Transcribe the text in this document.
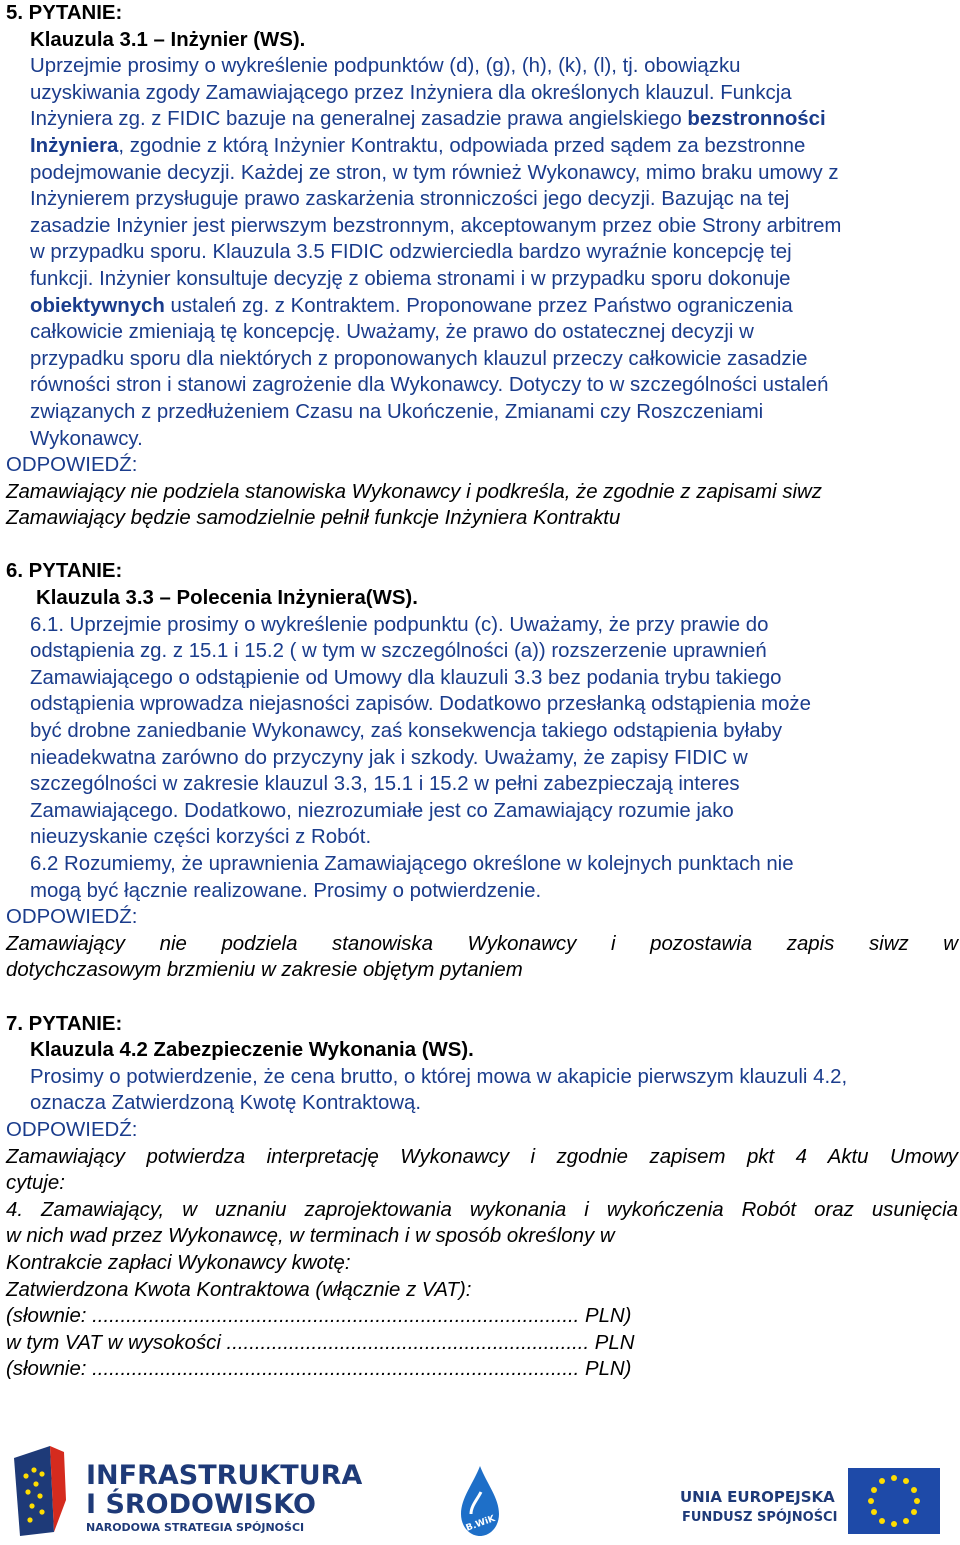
5. PYTANIE:
Klauzula 3.1 – Inżynier (WS).
Uprzejmie prosimy o wykreślenie podpunktów (d), (g), (h), (k), (l), tj. obowiązku
uzyskiwania zgody Zamawiającego przez Inżyniera dla określonych klauzul. Funkcja
Inżyniera zg. z FIDIC bazuje na generalnej zasadzie prawa angielskiego bezstronności
Inżyniera, zgodnie z którą Inżynier Kontraktu, odpowiada przed sądem za bezstronne
podejmowanie decyzji. Każdej ze stron, w tym również Wykonawcy, mimo braku umowy z
Inżynierem przysługuje prawo zaskarżenia stronniczości jego decyzji. Bazując na tej
zasadzie Inżynier jest pierwszym bezstronnym, akceptowanym przez obie Strony arbitrem
w przypadku sporu. Klauzula 3.5 FIDIC odzwierciedla bardzo wyraźnie koncepcję tej
funkcji. Inżynier konsultuje decyzję z obiema stronami i w przypadku sporu dokonuje
obiektywnych ustaleń zg. z Kontraktem. Proponowane przez Państwo ograniczenia
całkowicie zmieniają tę koncepcję. Uważamy, że prawo do ostatecznej decyzji w
przypadku sporu dla niektórych z proponowanych klauzul przeczy całkowicie zasadzie
równości stron i stanowi zagrożenie dla Wykonawcy. Dotyczy to w szczególności ustaleń
związanych z przedłużeniem Czasu na Ukończenie, Zmianami czy Roszczeniami
Wykonawcy.
ODPOWIEDŹ:
Zamawiający nie podziela stanowiska Wykonawcy i podkreśla, że zgodnie z zapisami siwz
Zamawiający będzie samodzielnie pełnił funkcje Inżyniera Kontraktu
6. PYTANIE:
Klauzula 3.3 – Polecenia Inżyniera(WS).
6.1. Uprzejmie prosimy o wykreślenie podpunktu (c). Uważamy, że przy prawie do
odstąpienia zg. z 15.1 i 15.2 ( w tym w szczególności (a)) rozszerzenie uprawnień
Zamawiającego o odstąpienie od Umowy dla klauzuli 3.3 bez podania trybu takiego
odstąpienia wprowadza niejasności zapisów. Dodatkowo przesłanką odstąpienia może
być drobne zaniedbanie Wykonawcy, zaś konsekwencja takiego odstąpienia byłaby
nieadekwatna zarówno do przyczyny jak i szkody. Uważamy, że zapisy FIDIC w
szczególności w zakresie klauzul 3.3, 15.1 i 15.2 w pełni zabezpieczają interes
Zamawiającego. Dodatkowo, niezrozumiałe jest co Zamawiający rozumie jako
nieuzyskanie części korzyści z Robót.
6.2 Rozumiemy, że uprawnienia Zamawiającego określone w kolejnych punktach nie
mogą być łącznie realizowane. Prosimy o potwierdzenie.
ODPOWIEDŹ:
Zamawiający nie podziela stanowiska Wykonawcy i pozostawia zapis siwz w
dotychczasowym brzmieniu w zakresie objętym pytaniem
7. PYTANIE:
Klauzula 4.2 Zabezpieczenie Wykonania (WS).
Prosimy o potwierdzenie, że cena brutto, o której mowa w akapicie pierwszym klauzuli 4.2,
oznacza Zatwierdzoną Kwotę Kontraktową.
ODPOWIEDŹ:
Zamawiający potwierdza interpretację Wykonawcy i zgodnie zapisem pkt 4 Aktu Umowy
cytuje:
4. Zamawiający, w uznaniu zaprojektowania wykonania i wykończenia Robót oraz usunięcia
w nich wad przez Wykonawcę, w terminach i w sposób określony w
Kontrakcie zapłaci Wykonawcy kwotę:
Zatwierdzona Kwota Kontraktowa (włącznie z VAT):
(słownie: ...................................................................................... PLN)
w tym VAT w wysokości ................................................................ PLN
(słownie: ...................................................................................... PLN)
INFRASTRUKTURA
I ŚRODOWISKO
NARODOWA STRATEGIA SPÓJNOŚCI	B.WiK
UNIA EUROPEJSKA
FUNDUSZ SPÓJNOŚCI
